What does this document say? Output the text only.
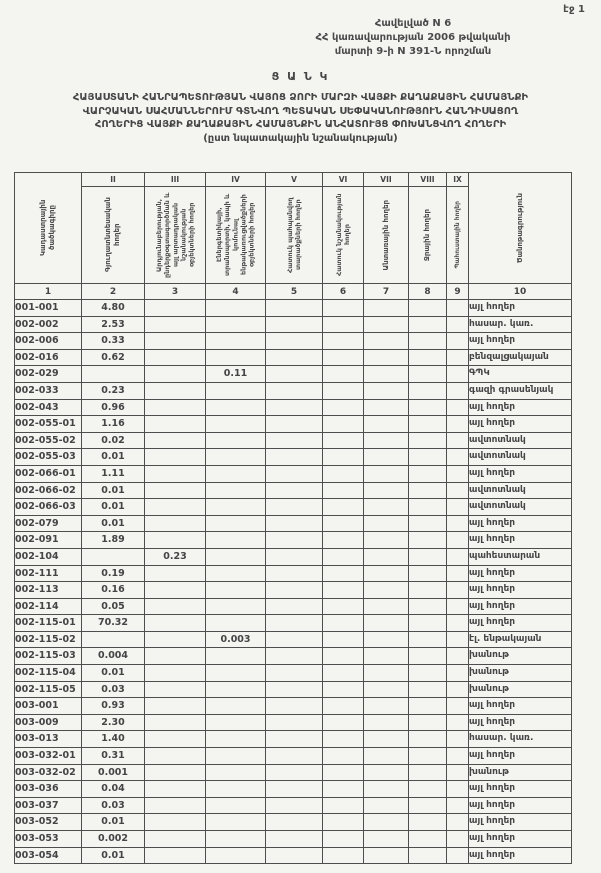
էջ 1
Հավելված N 6
ՀՀ կառավարության 2006 թվականի
մարտի 9-ի N 391-Ն որոշման
Ց Ա Ն Կ
ՀԱՅԱՍՏԱՆԻ ՀԱՆՐԱՊԵՏՈՒԹՅԱՆ ՎԱՅՈՑ ՁՈՐԻ ՄԱՐԶԻ ՎԱՅՔԻ ՔԱՂԱՔԱՅԻՆ ՀԱՄԱՅՆՔԻ
ՎԱՐՉԱԿԱՆ ՍԱՀՄԱՆՆԵՐՈՒՄ ԳՏՆՎՈՂ ՊԵՏԱԿԱՆ ՍԵՓԱԿԱՆՈՒԹՅՈՒՆ ՀԱՆԴԻՍԱՑՈՂ
ՀՈՂԵՐԻՑ ՎԱՅՔԻ ՔԱՂԱՔԱՅԻՆ ՀԱՄԱՅՆՔԻՆ ԱՆՀԱՏՈՒՅՑ ՓՈԽԱՆՑՎՈՂ ՀՈՂԵՐԻ
(ըստ նպատակային նշանակության)
Կադաստրային ծածկագիրը	II	III	IV	V	VI	VII	VIII	IX	Ծանոթագրություն

	Գյուղատնտեսական հողեր	Արդյունաբերության, ընդերքօգտագործման և այլ արտադրական նշանակության օբյեկտների հողեր	Էներգետիկայի, տրանսպորտի, կապի և կոմունալ ենթակառուցվածքների օբյեկտների հողեր	Հատուկ պահպանվող տարածքների հողեր	Հատուկ նշանակության հողեր	Անտառային հողեր	Ջրային հողեր	Պահուստային հողեր	

1	2	3	4	5	6	7	8	9	10
001-001	4.80								այլ հողեր
002-002	2.53								հասար. կառ.
002-006	0.33								այլ հողեր
002-016	0.62								բենզալցակայան
002-029			0.11						ԳՊԿ
002-033	0.23								գազի գրասենյակ
002-043	0.96								այլ հողեր
002-055-01	1.16								այլ հողեր
002-055-02	0.02								ավտոտնակ
002-055-03	0.01								ավտոտնակ
002-066-01	1.11								այլ հողեր
002-066-02	0.01								ավտոտնակ
002-066-03	0.01								ավտոտնակ
002-079	0.01								այլ հողեր
002-091	1.89								այլ հողեր
002-104		0.23							պահեստարան
002-111	0.19								այլ հողեր
002-113	0.16								այլ հողեր
002-114	0.05								այլ հողեր
002-115-01	70.32								այլ հողեր
002-115-02			0.003						էլ. ենթակայան
002-115-03	0.004								խանութ
002-115-04	0.01								խանութ
002-115-05	0.03								խանութ
003-001	0.93								այլ հողեր
003-009	2.30								այլ հողեր
003-013	1.40								հասար. կառ.
003-032-01	0.31								այլ հողեր
003-032-02	0.001								խանութ
003-036	0.04								այլ հողեր
003-037	0.03								այլ հողեր
003-052	0.01								այլ հողեր
003-053	0.002								այլ հողեր
003-054	0.01								այլ հողեր
